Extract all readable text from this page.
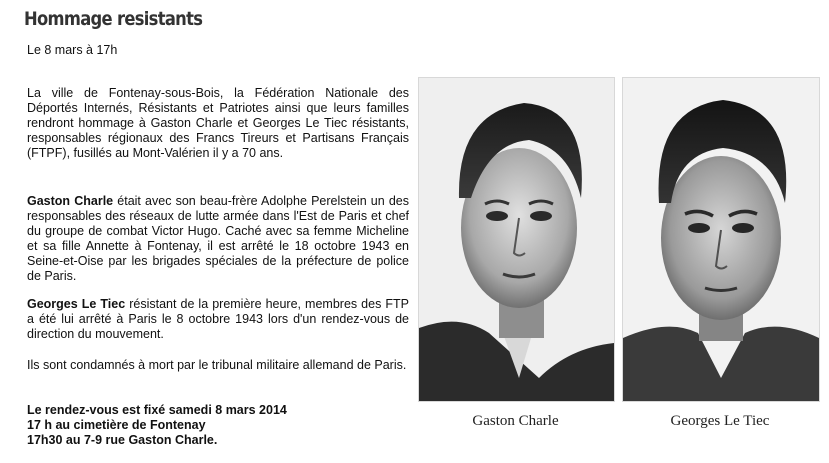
Hommage resistants
Le 8 mars à 17h
La ville de Fontenay-sous-Bois, la Fédération Nationale des Déportés Internés, Résistants et Patriotes ainsi que leurs familles rendront hommage à Gaston Charle et Georges Le Tiec résistants, responsables régionaux des Francs Tireurs et Partisans Français (FTPF), fusillés au Mont-Valérien il y a 70 ans.
Gaston Charle était avec son beau-frère Adolphe Perelstein un des responsables des réseaux de lutte armée dans l'Est de Paris et chef du groupe de combat Victor Hugo. Caché avec sa femme Micheline et sa fille Annette à Fontenay, il est arrêté le 18 octobre 1943 en Seine-et-Oise par les brigades spéciales de la préfecture de police de Paris.
Georges Le Tiec résistant de la première heure, membres des FTP a été lui arrêté à Paris le 8 octobre 1943 lors d'un rendez-vous de direction du mouvement.
Ils sont condamnés à mort par le tribunal militaire allemand de Paris.
Le rendez-vous est fixé samedi 8 mars 2014
17 h au cimetière de Fontenay
17h30 au 7-9 rue Gaston Charle.
Gaston Charle	Georges Le Tiec
